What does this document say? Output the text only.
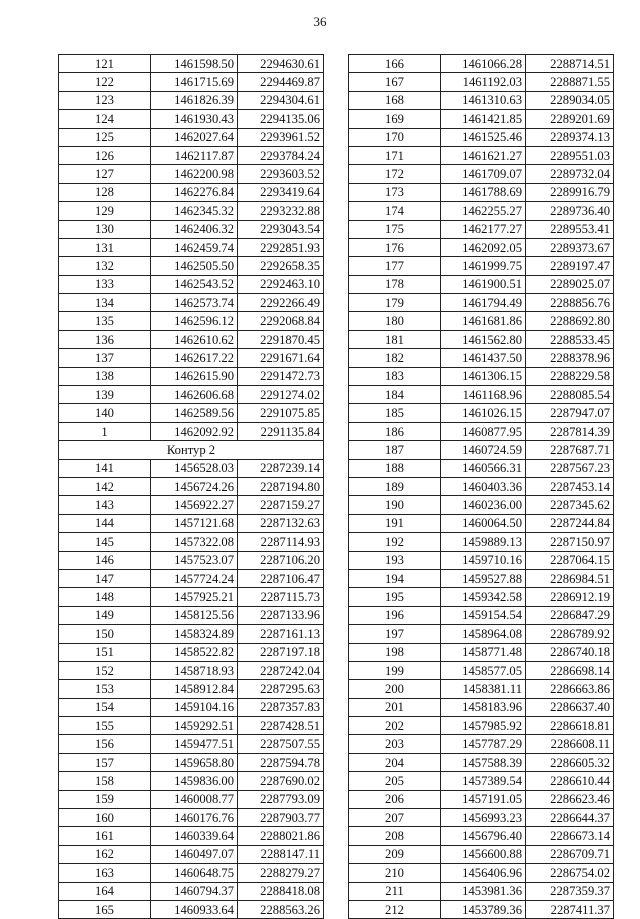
36
121	1461598.50	2294630.61
122	1461715.69	2294469.87
123	1461826.39	2294304.61
124	1461930.43	2294135.06
125	1462027.64	2293961.52
126	1462117.87	2293784.24
127	1462200.98	2293603.52
128	1462276.84	2293419.64
129	1462345.32	2293232.88
130	1462406.32	2293043.54
131	1462459.74	2292851.93
132	1462505.50	2292658.35
133	1462543.52	2292463.10
134	1462573.74	2292266.49
135	1462596.12	2292068.84
136	1462610.62	2291870.45
137	1462617.22	2291671.64
138	1462615.90	2291472.73
139	1462606.68	2291274.02
140	1462589.56	2291075.85
1	1462092.92	2291135.84
Контур 2		
141	1456528.03	2287239.14
142	1456724.26	2287194.80
143	1456922.27	2287159.27
144	1457121.68	2287132.63
145	1457322.08	2287114.93
146	1457523.07	2287106.20
147	1457724.24	2287106.47
148	1457925.21	2287115.73
149	1458125.56	2287133.96
150	1458324.89	2287161.13
151	1458522.82	2287197.18
152	1458718.93	2287242.04
153	1458912.84	2287295.63
154	1459104.16	2287357.83
155	1459292.51	2287428.51
156	1459477.51	2287507.55
157	1459658.80	2287594.78
158	1459836.00	2287690.02
159	1460008.77	2287793.09
160	1460176.76	2287903.77
161	1460339.64	2288021.86
162	1460497.07	2288147.11
163	1460648.75	2288279.27
164	1460794.37	2288418.08
165	1460933.64	2288563.26
166	1461066.28	2288714.51
167	1461192.03	2288871.55
168	1461310.63	2289034.05
169	1461421.85	2289201.69
170	1461525.46	2289374.13
171	1461621.27	2289551.03
172	1461709.07	2289732.04
173	1461788.69	2289916.79
174	1462255.27	2289736.40
175	1462177.27	2289553.41
176	1462092.05	2289373.67
177	1461999.75	2289197.47
178	1461900.51	2289025.07
179	1461794.49	2288856.76
180	1461681.86	2288692.80
181	1461562.80	2288533.45
182	1461437.50	2288378.96
183	1461306.15	2288229.58
184	1461168.96	2288085.54
185	1461026.15	2287947.07
186	1460877.95	2287814.39
187	1460724.59	2287687.71
188	1460566.31	2287567.23
189	1460403.36	2287453.14
190	1460236.00	2287345.62
191	1460064.50	2287244.84
192	1459889.13	2287150.97
193	1459710.16	2287064.15
194	1459527.88	2286984.51
195	1459342.58	2286912.19
196	1459154.54	2286847.29
197	1458964.08	2286789.92
198	1458771.48	2286740.18
199	1458577.05	2286698.14
200	1458381.11	2286663.86
201	1458183.96	2286637.40
202	1457985.92	2286618.81
203	1457787.29	2286608.11
204	1457588.39	2286605.32
205	1457389.54	2286610.44
206	1457191.05	2286623.46
207	1456993.23	2286644.37
208	1456796.40	2286673.14
209	1456600.88	2286709.71
210	1456406.96	2286754.02
211	1453981.36	2287359.37
212	1453789.36	2287411.37
